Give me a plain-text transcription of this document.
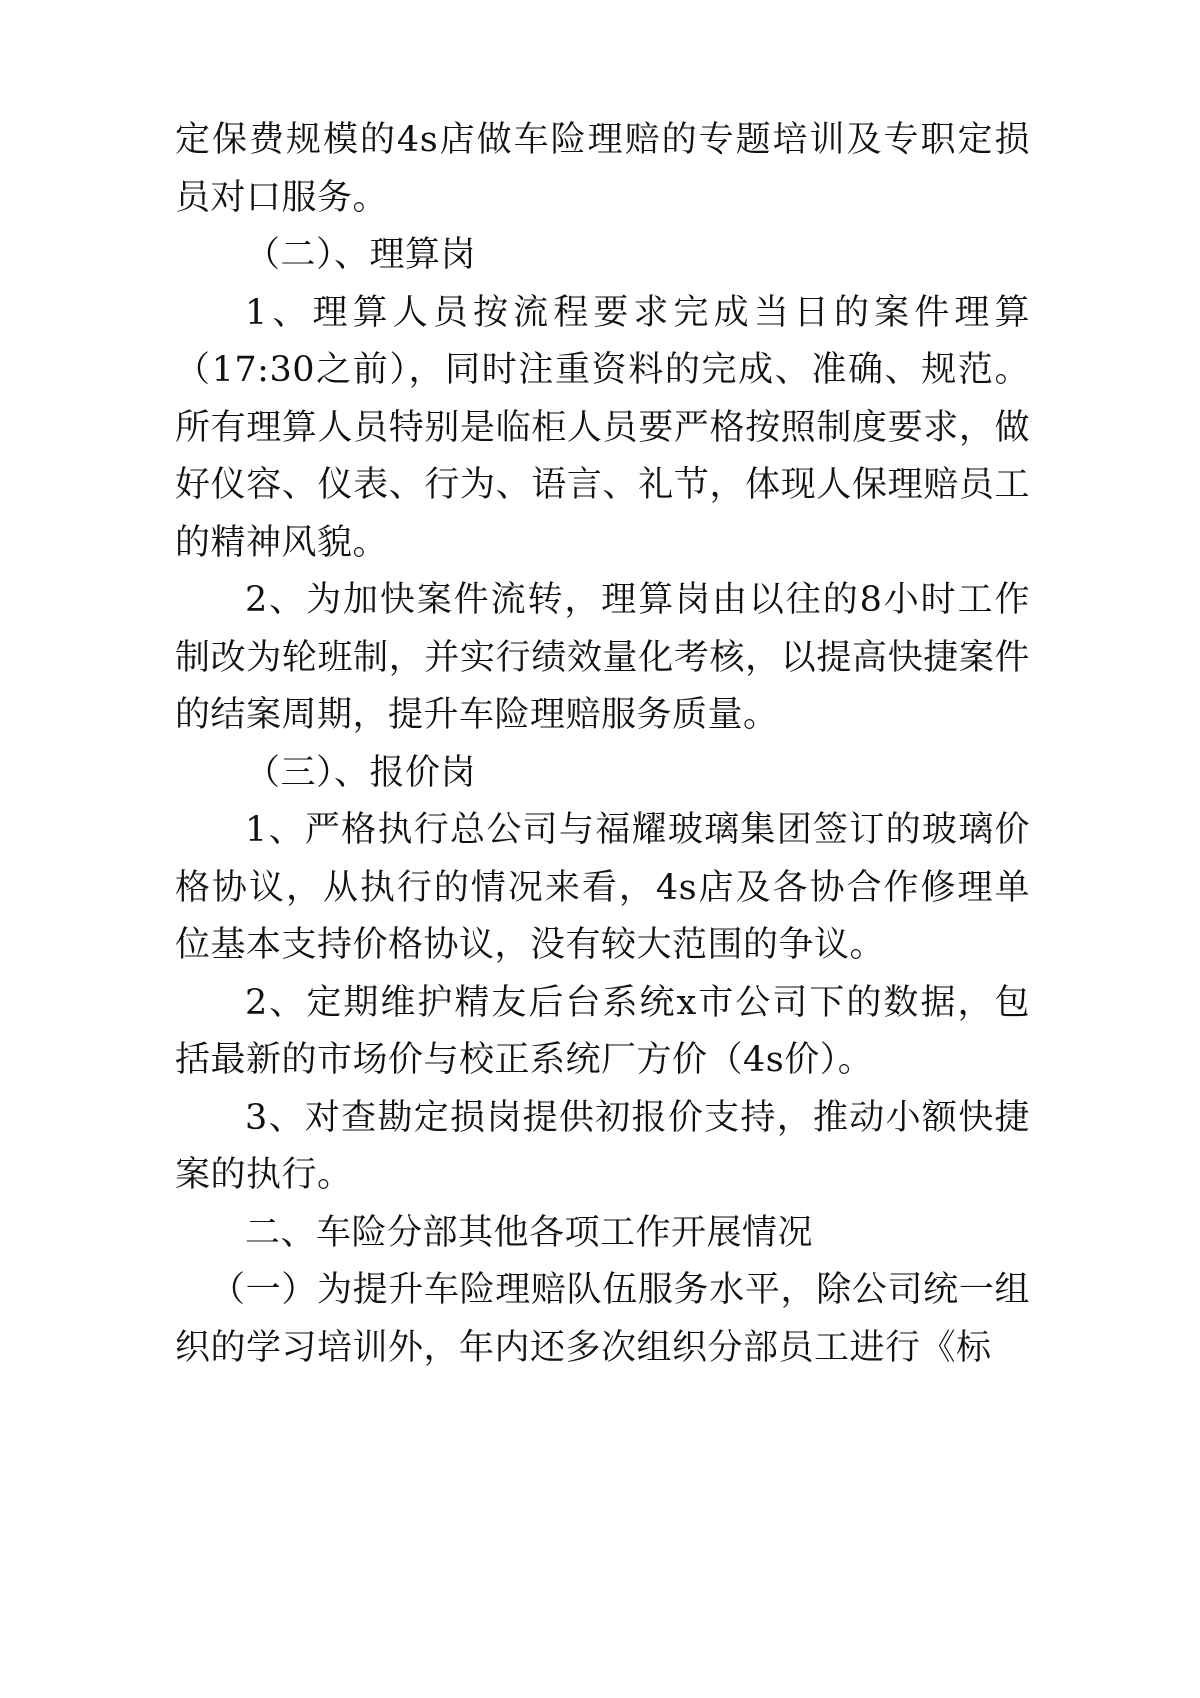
定保费规模的4s店做车险理赔的专题培训及专职定损员对口服务。

（二）、理算岗

1、理算人员按流程要求完成当日的案件理算（17:30之前），同时注重资料的完成、准确、规范。所有理算人员特别是临柜人员要严格按照制度要求，做好仪容、仪表、行为、语言、礼节，体现人保理赔员工的精神风貌。

2、为加快案件流转，理算岗由以往的8小时工作制改为轮班制，并实行绩效量化考核，以提高快捷案件的结案周期，提升车险理赔服务质量。

（三）、报价岗

1、严格执行总公司与福耀玻璃集团签订的玻璃价格协议，从执行的情况来看，4s店及各协合作修理单位基本支持价格协议，没有较大范围的争议。

2、定期维护精友后台系统x市公司下的数据，包括最新的市场价与校正系统厂方价（4s价）。

3、对查勘定损岗提供初报价支持，推动小额快捷案的执行。

二、车险分部其他各项工作开展情况

（一）为提升车险理赔队伍服务水平，除公司统一组织的学习培训外，年内还多次组织分部员工进行《标
